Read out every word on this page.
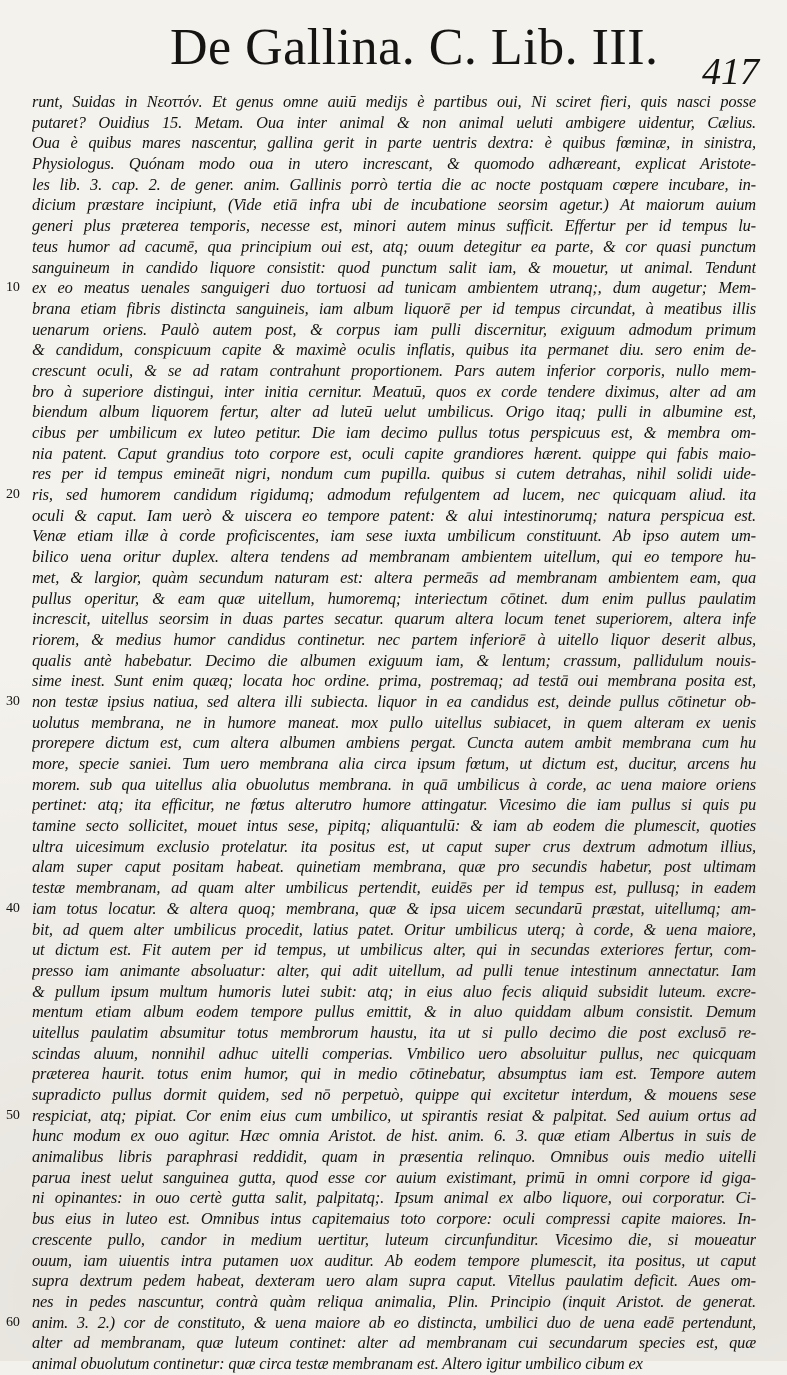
De Gallina. C. Lib. III. 417
runt, Suidas in Νεοττόν. Et genus omne auiū medijs è partibus oui, Ni sciret fieri, quis nasci posse
putaret? Ouidius 15. Metam. Oua inter animal & non animal ueluti ambigere uidentur, Cælius.
Oua è quibus mares nascentur, gallina gerit in parte uentris dextra: è quibus fœminæ, in sinistra,
Physiologus. Quónam modo oua in utero increscant, & quomodo adhæreant, explicat Aristote-
les lib. 3. cap. 2. de gener. anim. Gallinis porrò tertia die ac nocte postquam cœpere incubare, in-
dicium præstare incipiunt, (Vide etiā infra ubi de incubatione seorsim agetur.) At maiorum auium
generi plus præterea temporis, necesse est, minori autem minus sufficit. Effertur per id tempus lu-
teus humor ad cacumē, qua principium oui est, atq; ouum detegitur ea parte, & cor quasi punctum
sanguineum in candido liquore consistit: quod punctum salit iam, & mouetur, ut animal. Tendunt
ex eo meatus uenales sanguigeri duo tortuosi ad tunicam ambientem utranq;, dum augetur; Mem-
10
brana etiam fibris distincta sanguineis, iam album liquorē per id tempus circundat, à meatibus illis
uenarum oriens. Paulò autem post, & corpus iam pulli discernitur, exiguum admodum primum
& candidum, conspicuum capite & maximè oculis inflatis, quibus ita permanet diu. sero enim de-
crescunt oculi, & se ad ratam contrahunt proportionem. Pars autem inferior corporis, nullo mem-
bro à superiore distingui, inter initia cernitur. Meatuū, quos ex corde tendere diximus, alter ad am
biendum album liquorem fertur, alter ad luteū uelut umbilicus. Origo itaq; pulli in albumine est,
cibus per umbilicum ex luteo petitur. Die iam decimo pullus totus perspicuus est, & membra om-
nia patent. Caput grandius toto corpore est, oculi capite grandiores hærent. quippe qui fabis maio-
res per id tempus emineāt nigri, nondum cum pupilla. quibus si cutem detrahas, nihil solidi uide-
ris, sed humorem candidum rigidumq; admodum refulgentem ad lucem, nec quicquam aliud. ita
20
oculi & caput. Iam uerò & uiscera eo tempore patent: & alui intestinorumq; natura perspicua est.
Venæ etiam illæ à corde proficiscentes, iam sese iuxta umbilicum constituunt. Ab ipso autem um-
bilico uena oritur duplex. altera tendens ad membranam ambientem uitellum, qui eo tempore hu-
met, & largior, quàm secundum naturam est: altera permeās ad membranam ambientem eam, qua
pullus operitur, & eam quæ uitellum, humoremq; interiectum cōtinet. dum enim pullus paulatim
increscit, uitellus seorsim in duas partes secatur. quarum altera locum tenet superiorem, altera infe
riorem, & medius humor candidus continetur. nec partem inferiorē à uitello liquor deserit albus,
qualis antè habebatur. Decimo die albumen exiguum iam, & lentum; crassum, pallidulum nouis-
sime inest. Sunt enim quæq; locata hoc ordine. prima, postremaq; ad testā oui membrana posita est,
non testæ ipsius natiua, sed altera illi subiecta. liquor in ea candidus est, deinde pullus cōtinetur ob-
30
uolutus membrana, ne in humore maneat. mox pullo uitellus subiacet, in quem alteram ex uenis
prorepere dictum est, cum altera albumen ambiens pergat. Cuncta autem ambit membrana cum hu
more, specie saniei. Tum uero membrana alia circa ipsum fœtum, ut dictum est, ducitur, arcens hu
morem. sub qua uitellus alia obuolutus membrana. in quā umbilicus à corde, ac uena maiore oriens
pertinet: atq; ita efficitur, ne fœtus alterutro humore attingatur. Vicesimo die iam pullus si quis pu
tamine secto sollicitet, mouet intus sese, pipitq; aliquantulū: & iam ab eodem die plumescit, quoties
ultra uicesimum exclusio protelatur. ita positus est, ut caput super crus dextrum admotum illius,
alam super caput positam habeat. quinetiam membrana, quæ pro secundis habetur, post ultimam
testæ membranam, ad quam alter umbilicus pertendit, euidēs per id tempus est, pullusq; in eadem
iam totus locatur. & altera quoq; membrana, quæ & ipsa uicem secundarū præstat, uitellumq; am-
40
bit, ad quem alter umbilicus procedit, latius patet. Oritur umbilicus uterq; à corde, & uena maiore,
ut dictum est. Fit autem per id tempus, ut umbilicus alter, qui in secundas exteriores fertur, com-
presso iam animante absoluatur: alter, qui adit uitellum, ad pulli tenue intestinum annectatur. Iam
& pullum ipsum multum humoris lutei subit: atq; in eius aluo fecis aliquid subsidit luteum. excre-
mentum etiam album eodem tempore pullus emittit, & in aluo quiddam album consistit. Demum
uitellus paulatim absumitur totus membrorum haustu, ita ut si pullo decimo die post exclusō re-
scindas aluum, nonnihil adhuc uitelli comperias. Vmbilico uero absoluitur pullus, nec quicquam
præterea haurit. totus enim humor, qui in medio cōtinebatur, absumptus iam est. Tempore autem
supradicto pullus dormit quidem, sed nō perpetuò, quippe qui excitetur interdum, & mouens sese
respiciat, atq; pipiat. Cor enim eius cum umbilico, ut spirantis resiat & palpitat. Sed auium ortus ad
50
hunc modum ex ouo agitur. Hæc omnia Aristot. de hist. anim. 6. 3. quæ etiam Albertus in suis de
animalibus libris paraphrasi reddidit, quam in præsentia relinquo. Omnibus ouis medio uitelli
parua inest uelut sanguinea gutta, quod esse cor auium existimant, primū in omni corpore id giga-
ni opinantes: in ouo certè gutta salit, palpitatq;. Ipsum animal ex albo liquore, oui corporatur. Ci-
bus eius in luteo est. Omnibus intus capitemaius toto corpore: oculi compressi capite maiores. In-
crescente pullo, candor in medium uertitur, luteum circunfunditur. Vicesimo die, si moueatur
ouum, iam uiuentis intra putamen uox auditur. Ab eodem tempore plumescit, ita positus, ut caput
supra dextrum pedem habeat, dexteram uero alam supra caput. Vitellus paulatim deficit. Aues om-
nes in pedes nascuntur, contrà quàm reliqua animalia, Plin. Principio (inquit Aristot. de generat.
anim. 3. 2.) cor de constituto, & uena maiore ab eo distincta, umbilici duo de uena eadē pertendunt,
60
alter ad membranam, quæ luteum continet: alter ad membranam cui secundarum species est, quæ
animal obuolutum continetur: quæ circa testæ membranam est. Altero igitur umbilico cibum ex
